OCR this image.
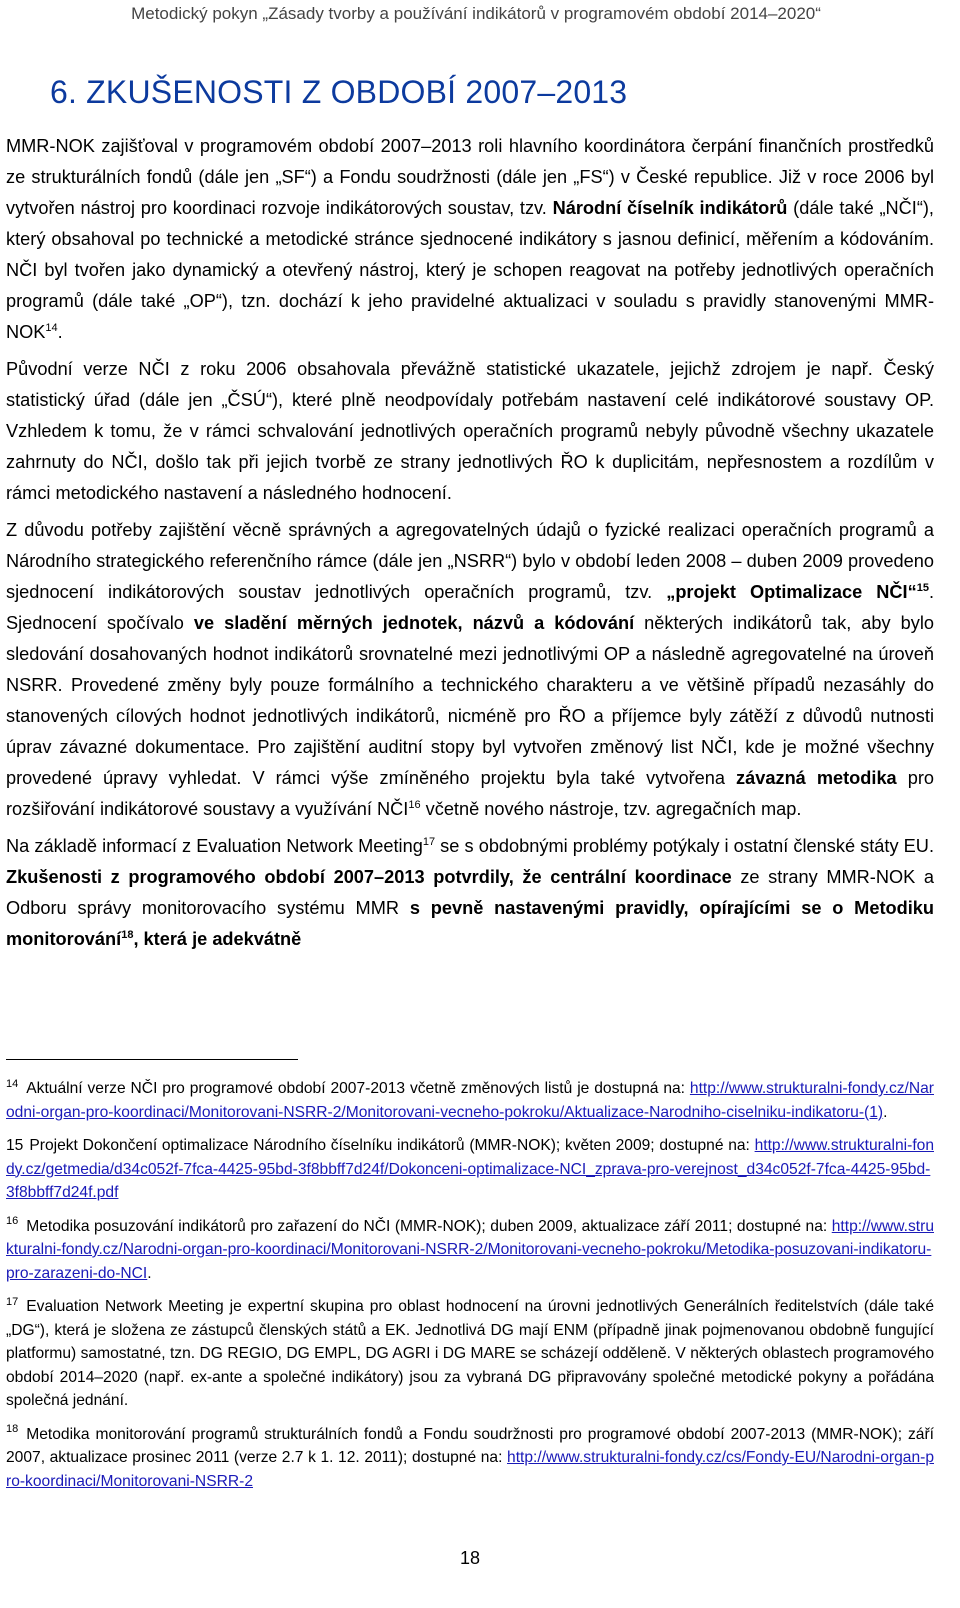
Metodický pokyn „Zásady tvorby a používání indikátorů v programovém období 2014–2020“
6. ZKUŠENOSTI Z OBDOBÍ 2007–2013

MMR-NOK zajišťoval v programovém období 2007–2013 roli hlavního koordinátora čerpání finančních prostředků ze strukturálních fondů (dále jen „SF“) a Fondu soudržnosti (dále jen „FS“) v České republice. Již v roce 2006 byl vytvořen nástroj pro koordinaci rozvoje indikátorových soustav, tzv. Národní číselník indikátorů (dále také „NČI“), který obsahoval po technické a metodické stránce sjednocené indikátory s jasnou definicí, měřením a kódováním. NČI byl tvořen jako dynamický a otevřený nástroj, který je schopen reagovat na potřeby jednotlivých operačních programů (dále také „OP“), tzn. dochází k jeho pravidelné aktualizaci v souladu s pravidly stanovenými MMR-NOK$^{14}$.

Původní verze NČI z roku 2006 obsahovala převážně statistické ukazatele, jejichž zdrojem je např. Český statistický úřad (dále jen „ČSÚ“), které plně neodpovídaly potřebám nastavení celé indikátorové soustavy OP. Vzhledem k tomu, že v rámci schvalování jednotlivých operačních programů nebyly původně všechny ukazatele zahrnuty do NČI, došlo tak při jejich tvorbě ze strany jednotlivých ŘO k duplicitám, nepřesnostem a rozdílům v rámci metodického nastavení a následného hodnocení.

Z důvodu potřeby zajištění věcně správných a agregovatelných údajů o fyzické realizaci operačních programů a Národního strategického referenčního rámce (dále jen „NSRR“) bylo v období leden 2008 – duben 2009 provedeno sjednocení indikátorových soustav jednotlivých operačních programů, tzv. „projekt Optimalizace NČI“$^{15}$. Sjednocení spočívalo ve sladění měrných jednotek, názvů a kódování některých indikátorů tak, aby bylo sledování dosahovaných hodnot indikátorů srovnatelné mezi jednotlivými OP a následně agregovatelné na úroveň NSRR. Provedené změny byly pouze formálního a technického charakteru a ve většině případů nezasáhly do stanovených cílových hodnot jednotlivých indikátorů, nicméně pro ŘO a příjemce byly zátěží z důvodů nutnosti úprav závazné dokumentace. Pro zajištění auditní stopy byl vytvořen změnový list NČI, kde je možné všechny provedené úpravy vyhledat. V rámci výše zmíněného projektu byla také vytvořena závazná metodika pro rozšiřování indikátorové soustavy a využívání NČI$^{16}$ včetně nového nástroje, tzv. agregačních map.

Na základě informací z Evaluation Network Meeting$^{17}$ se s obdobnými problémy potýkaly i ostatní členské státy EU. Zkušenosti z programového období 2007–2013 potvrdily, že centrální koordinace ze strany MMR-NOK a Odboru správy monitorovacího systému MMR s pevně nastavenými pravidly, opírajícími se o Metodiku monitorování$^{18}$, která je adekvátně

$^{14}$ Aktuální verze NČI pro programové období 2007-2013 včetně změnových listů je dostupná na: http://www.strukturalni-fondy.cz/Narodni-organ-pro-koordinaci/Monitorovani-NSRR-2/Monitorovani-vecneho-pokroku/Aktualizace-Narodniho-ciselniku-indikatoru-(1).

15 Projekt Dokončení optimalizace Národního číselníku indikátorů (MMR-NOK); květen 2009; dostupné na: http://www.strukturalni-fondy.cz/getmedia/d34c052f-7fca-4425-95bd-3f8bbff7d24f/Dokonceni-optimalizace-NCI_zprava-pro-verejnost_d34c052f-7fca-4425-95bd-3f8bbff7d24f.pdf

$^{16}$ Metodika posuzování indikátorů pro zařazení do NČI (MMR-NOK); duben 2009, aktualizace září 2011; dostupné na: http://www.strukturalni-fondy.cz/Narodni-organ-pro-koordinaci/Monitorovani-NSRR-2/Monitorovani-vecneho-pokroku/Metodika-posuzovani-indikatoru-pro-zarazeni-do-NCI.

$^{17}$ Evaluation Network Meeting je expertní skupina pro oblast hodnocení na úrovni jednotlivých Generálních ředitelstvích (dále také „DG“), která je složena ze zástupců členských států a EK. Jednotlivá DG mají ENM (případně jinak pojmenovanou obdobně fungující platformu) samostatné, tzn. DG REGIO, DG EMPL, DG AGRI i DG MARE se scházejí odděleně. V některých oblastech programového období 2014–2020 (např. ex-ante a společné indikátory) jsou za vybraná DG připravovány společné metodické pokyny a pořádána společná jednání.

$^{18}$ Metodika monitorování programů strukturálních fondů a Fondu soudržnosti pro programové období 2007-2013 (MMR-NOK); září 2007, aktualizace prosinec 2011 (verze 2.7 k 1. 12. 2011); dostupné na: http://www.strukturalni-fondy.cz/cs/Fondy-EU/Narodni-organ-pro-koordinaci/Monitorovani-NSRR-2

18
